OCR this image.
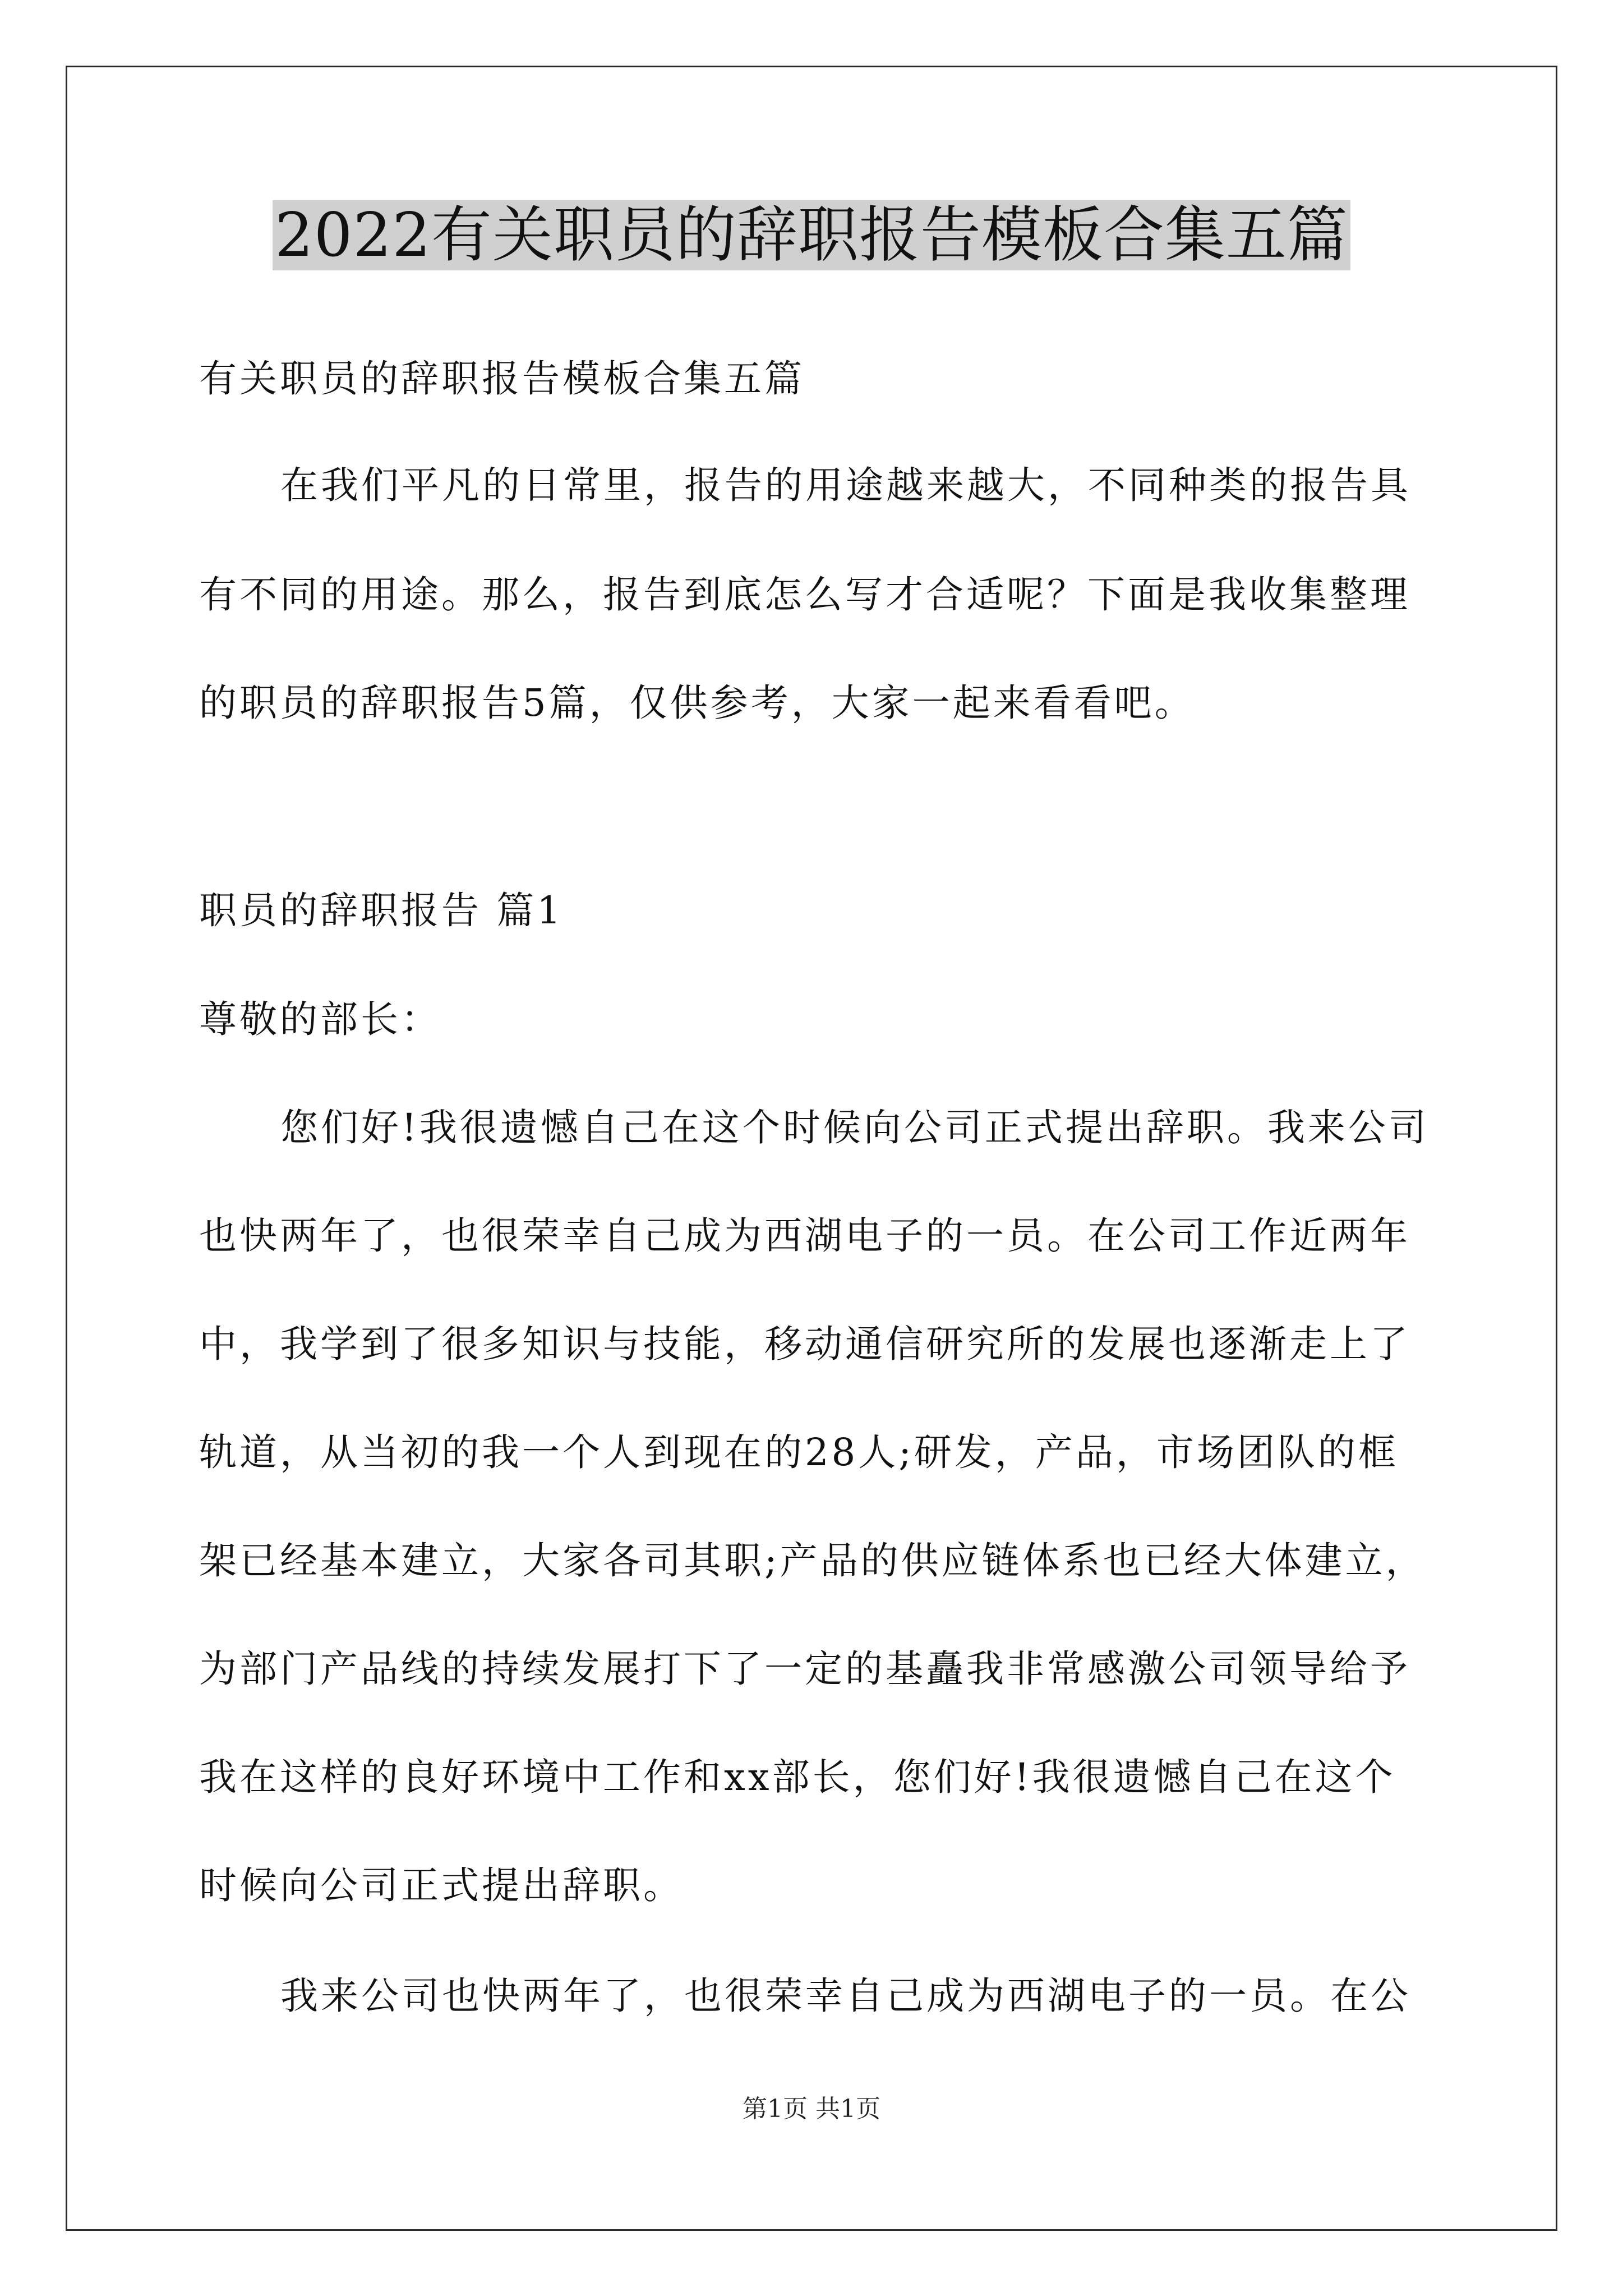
2022有关职员的辞职报告模板合集五篇

有关职员的辞职报告模板合集五篇

在我们平凡的日常里，报告的用途越来越大，不同种类的报告具

有不同的用途。那么，报告到底怎么写才合适呢？下面是我收集整理

的职员的辞职报告5篇，仅供参考，大家一起来看看吧。

职员的辞职报告 篇1

尊敬的部长：

您们好!我很遗憾自己在这个时候向公司正式提出辞职。我来公司

也快两年了，也很荣幸自己成为西湖电子的一员。在公司工作近两年

中，我学到了很多知识与技能，移动通信研究所的发展也逐渐走上了

轨道，从当初的我一个人到现在的28人;研发，产品，市场团队的框

架已经基本建立，大家各司其职;产品的供应链体系也已经大体建立，

为部门产品线的持续发展打下了一定的基矗我非常感激公司领导给予

我在这样的良好环境中工作和xx部长，您们好!我很遗憾自己在这个

时候向公司正式提出辞职。

我来公司也快两年了，也很荣幸自己成为西湖电子的一员。在公

第1页 共1页
